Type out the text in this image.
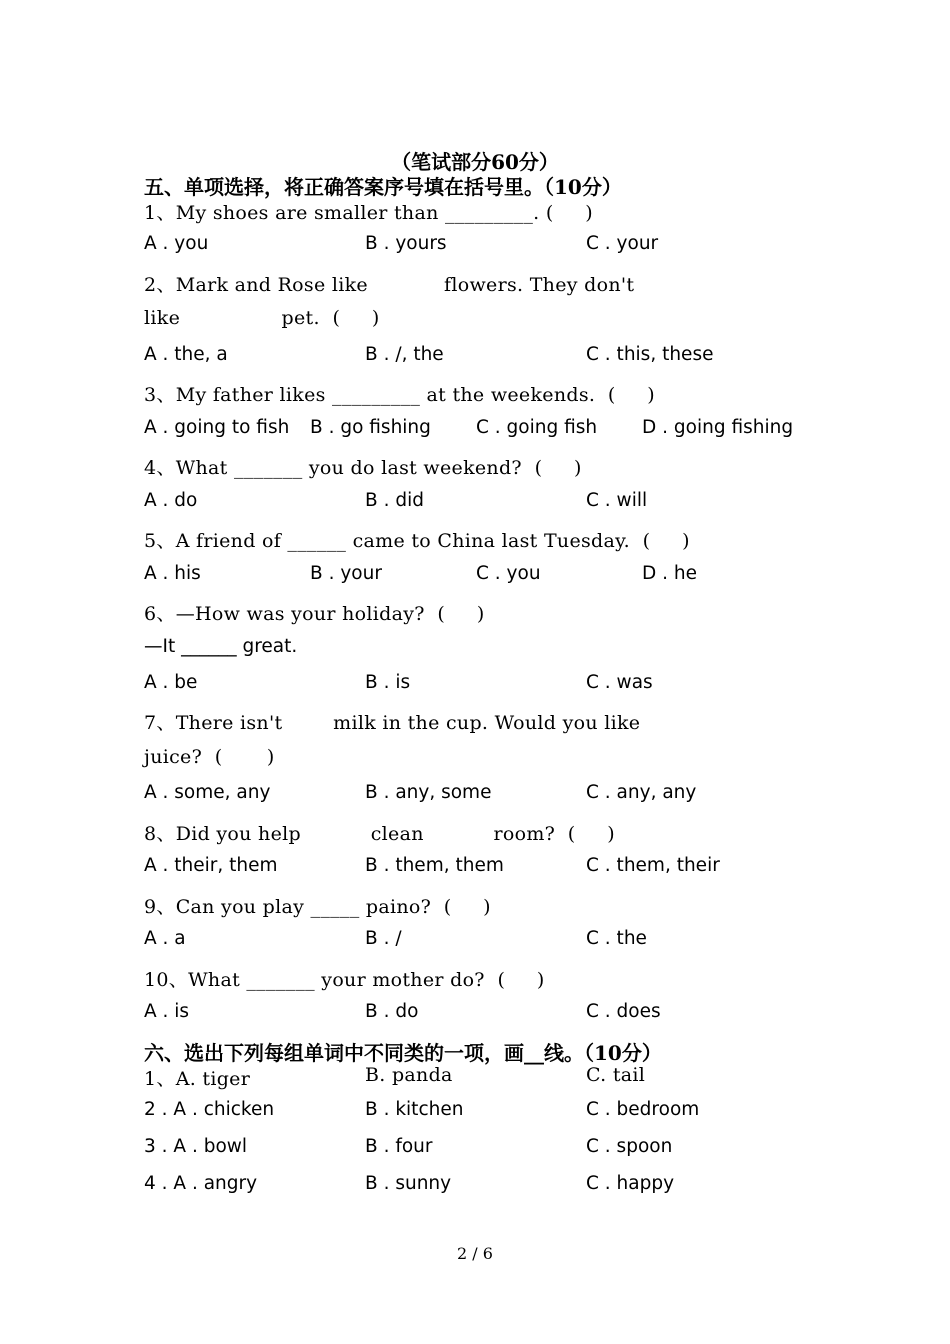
（笔试部分60分）
五、单项选择，将正确答案序号填在括号里。（10分）
1、My shoes are smaller than _________. (     )
A . you	B . yours	C . your
2、Mark and Rose like            flowers. They don't
like                pet.  (     )
A . the, a	B . /, the	C . this, these
3、My father likes _________ at the weekends.  (     )
A . going to fish B . go fishing C . going fish D . going fishing
4、What _______ you do last weekend?  (     )
A . do	B . did	C . will
5、A friend of ______ came to China last Tuesday.  (     )
A . his	B . your	C . you	D . he
6、—How was your holiday?  (     )
—It ______ great.
A . be	B . is	C . was
7、There isn't        milk in the cup. Would you like
juice?  (       )
A . some, any	B . any, some	C . any, any
8、Did you help           clean           room?  (     )
A . their, them	B . them, them	C . them, their
9、Can you play _____ paino?  (     )
A . a	B . /	C . the
10、What _______ your mother do?  (     )
A . is	B . do	C . does
六、选出下列每组单词中不同类的一项，画__线。（10分）
1、A. tiger	B. panda	C. tail
2 . A . chicken	B . kitchen	C . bedroom
3 . A . bowl	B . four	C . spoon
4 . A . angry	B . sunny	C . happy
2 / 6
